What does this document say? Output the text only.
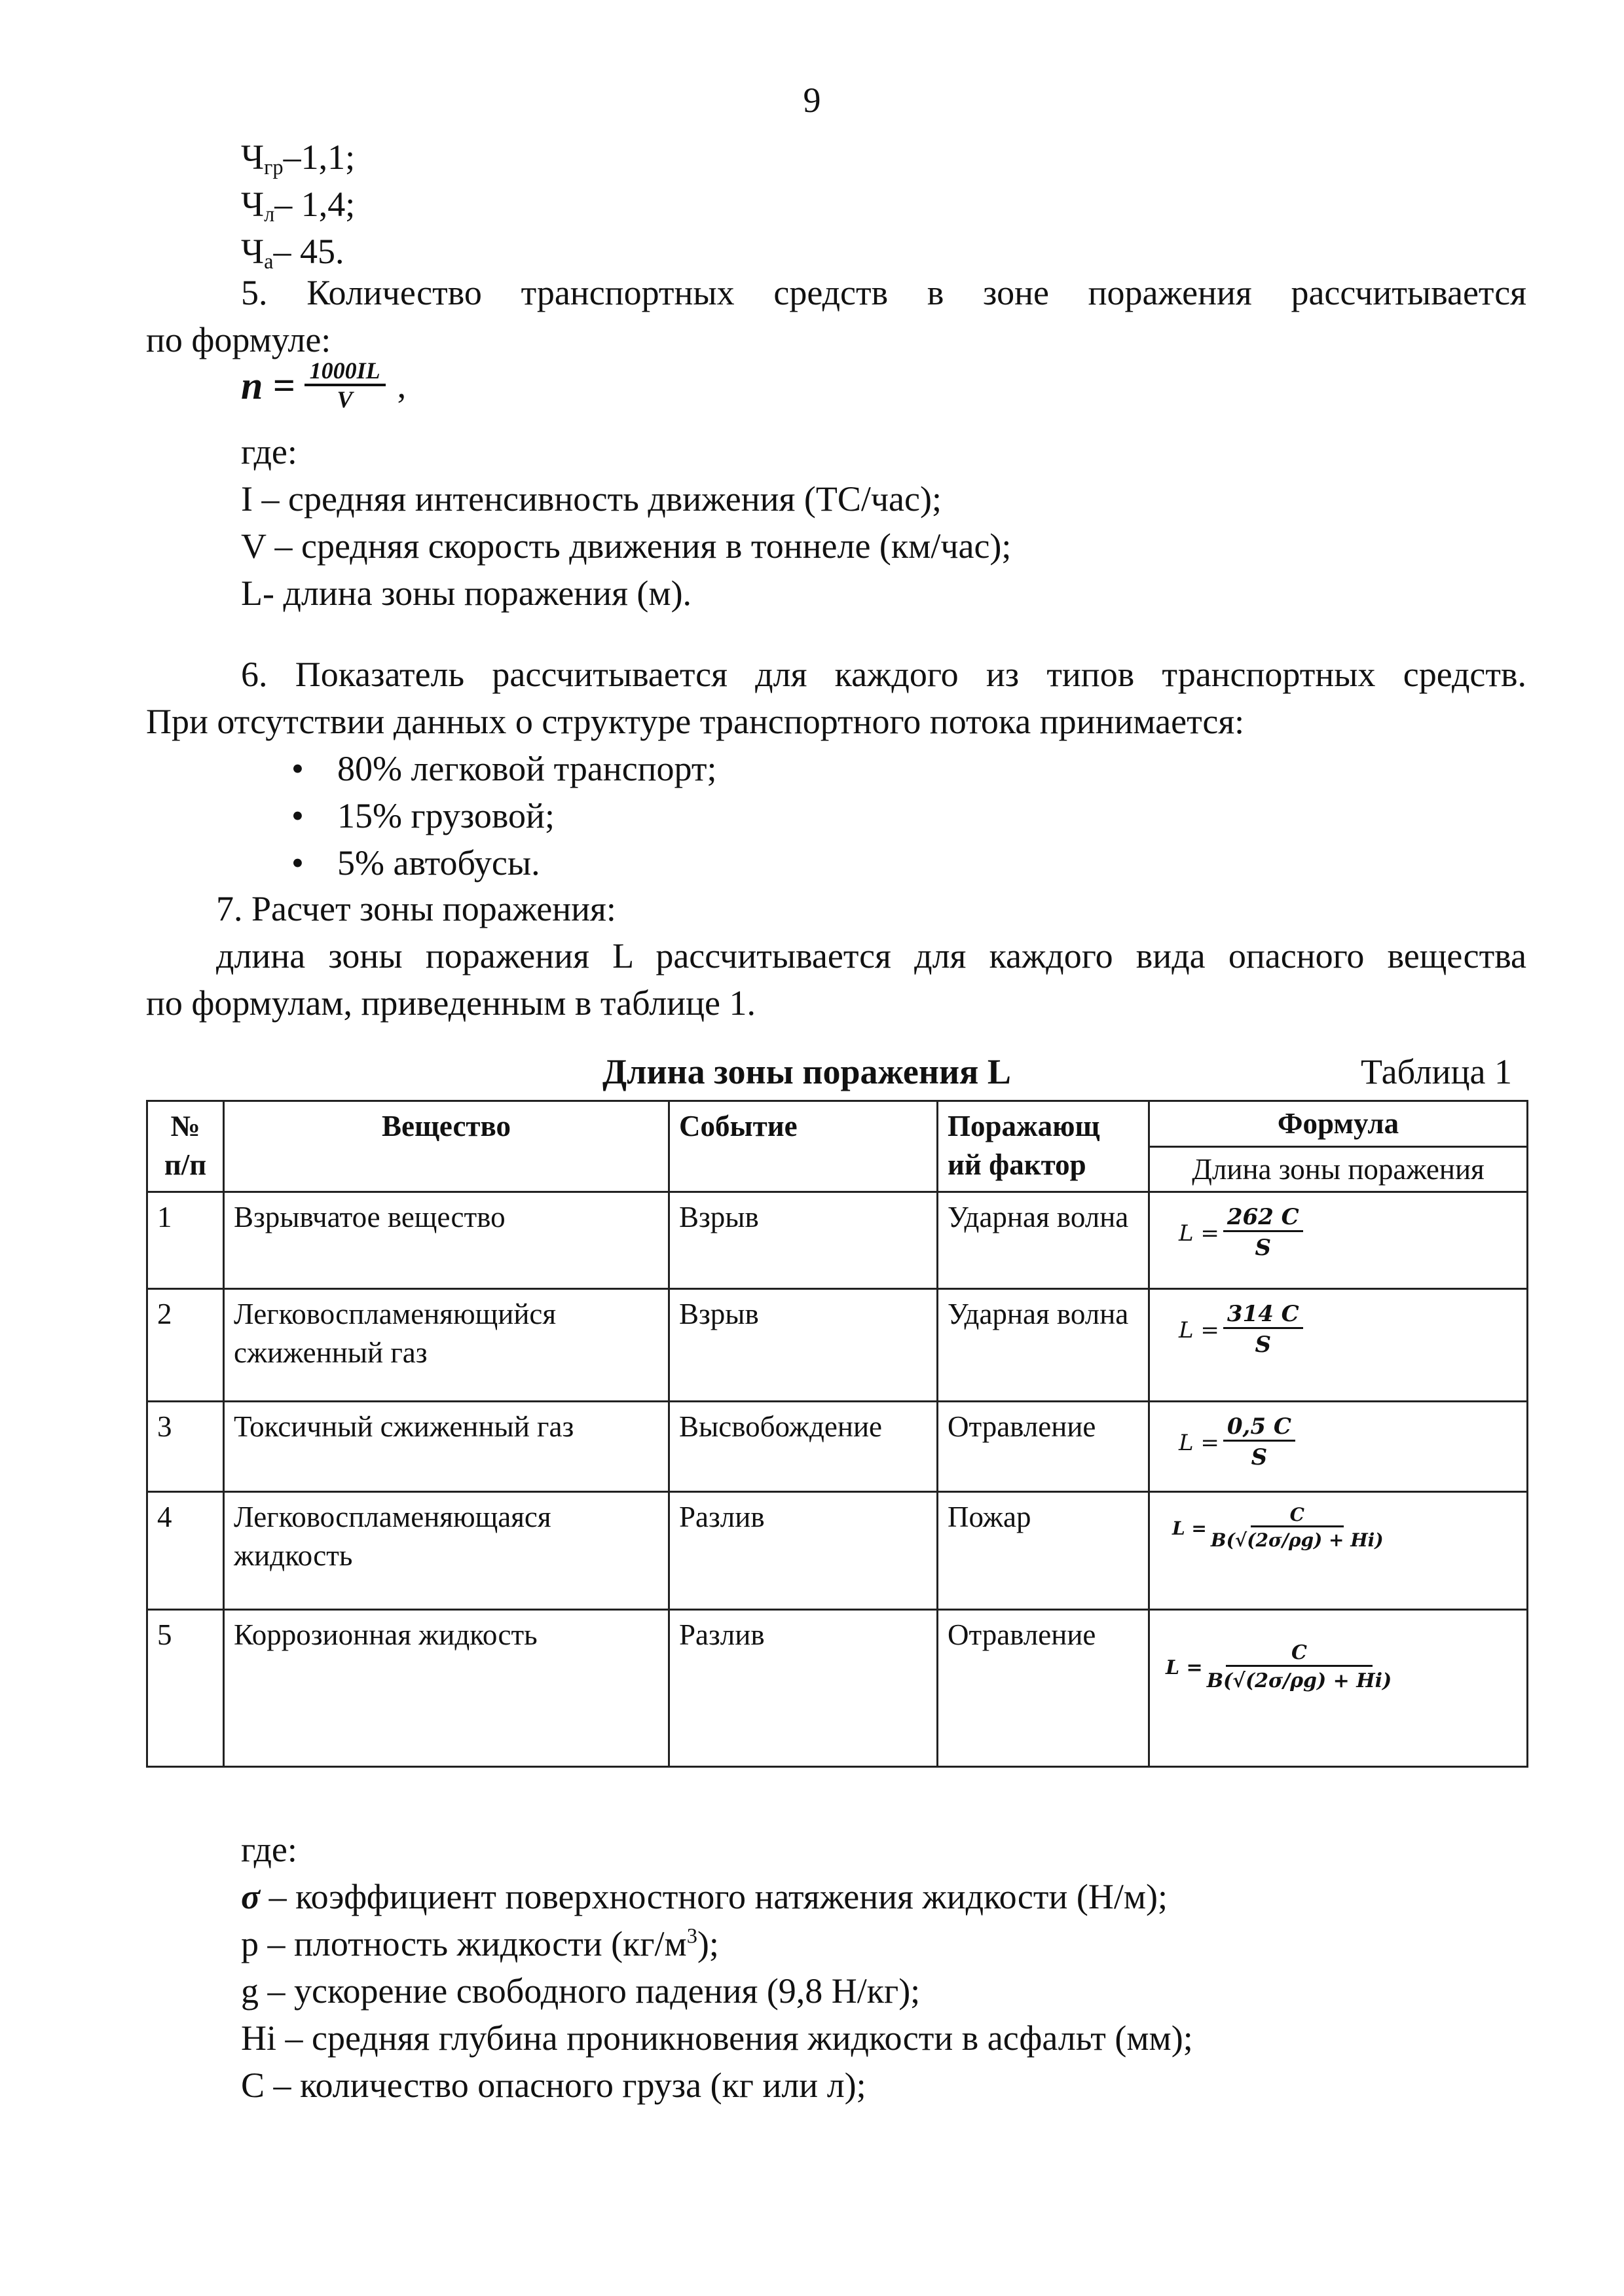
9
$Ч_{гр}-1,1$;
$Ч_л-$ 1,4;
$Ч_а-$ 45.
5. Количество транспортных средств в зоне поражения рассчитывается
по формуле:
$n = \frac{1000IL}{V}$ ,
где:
I – средняя интенсивность движения (ТС/час);
V – средняя скорость движения в тоннеле (км/час);
L- длина зоны поражения (м).
6. Показатель рассчитывается для каждого из типов транспортных средств.
При отсутствии данных о структуре транспортного потока принимается:
• 80% легковой транспорт;
• 15% грузовой;
• 5% автобусы.
7. Расчет зоны поражения:
длина зоны поражения L рассчитывается для каждого вида опасного вещества
по формулам, приведенным в таблице 1.
Длина зоны поражения L	Таблица 1
№ п/п	Вещество	Событие	Поражающ ий фактор	Формула
				Длина зоны поражения
1	Взрывчатое вещество	Взрыв	Ударная волна	$L = \frac{262 C}{S}$

2	Легковоспламеняющийся сжиженный газ	Взрыв	Ударная волна	$L = \frac{314 C}{S}$

3	Токсичный сжиженный газ	Высвобождение	Отравление	$L = \frac{0,5 C}{S}$

4	Легковоспламеняющаяся жидкость	Разлив	Пожар	$L = \frac{C}{B(√(2\sigma/\rho g) + Hi)}$

5	Коррозионная жидкость	Разлив	Отравление	$L = \frac{C}{B(√(2\sigma/\rho g) + Hi)}$
где:
σ – коэффициент поверхностного натяжения жидкости (Н/м);
р – плотность жидкости $(кг/м^3)$;
g – ускорение свободного падения (9,8 Н/кг);
Hi – средняя глубина проникновения жидкости в асфальт (мм);
С – количество опасного груза (кг или л);
